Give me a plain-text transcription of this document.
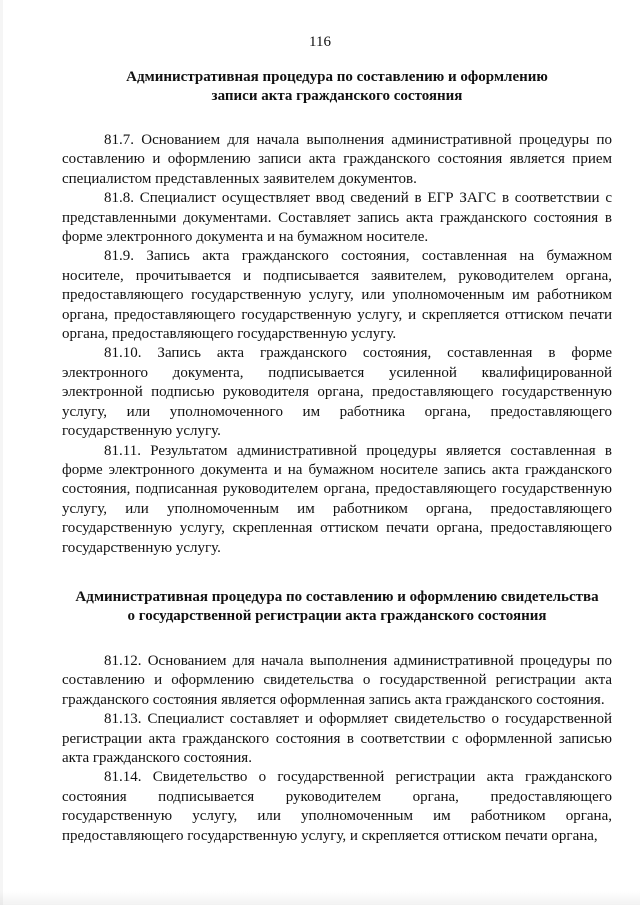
116
Административная процедура по составлению и оформлению
записи акта гражданского состояния

81.7. Основанием для начала выполнения административной процедуры по составлению и оформлению записи акта гражданского состояния является прием специалистом представленных заявителем документов.

81.8. Специалист осуществляет ввод сведений в ЕГР ЗАГС в соответствии с представленными документами. Составляет запись акта гражданского состояния в форме электронного документа и на бумажном носителе.

81.9. Запись акта гражданского состояния, составленная на бумажном носителе, прочитывается и подписывается заявителем, руководителем органа, предоставляющего государственную услугу, или уполномоченным им работником органа, предоставляющего государственную услугу, и скрепляется оттиском печати органа, предоставляющего государственную услугу.

81.10. Запись акта гражданского состояния, составленная в форме электронного документа, подписывается усиленной квалифицированной электронной подписью руководителя органа, предоставляющего государственную услугу, или уполномоченного им работника органа, предоставляющего государственную услугу.

81.11. Результатом административной процедуры является составленная в форме электронного документа и на бумажном носителе запись акта гражданского состояния, подписанная руководителем органа, предоставляющего государственную услугу, или уполномоченным им работником органа, предоставляющего государственную услугу, скрепленная оттиском печати органа, предоставляющего государственную услугу.

Административная процедура по составлению и оформлению свидетельства
о государственной регистрации акта гражданского состояния

81.12. Основанием для начала выполнения административной процедуры по составлению и оформлению свидетельства о государственной регистрации акта гражданского состояния является оформленная запись акта гражданского состояния.

81.13. Специалист составляет и оформляет свидетельство о государственной регистрации акта гражданского состояния в соответствии с оформленной записью акта гражданского состояния.

81.14. Свидетельство о государственной регистрации акта гражданского состояния подписывается руководителем органа, предоставляющего государственную услугу, или уполномоченным им работником органа, предоставляющего государственную услугу, и скрепляется оттиском печати органа,
